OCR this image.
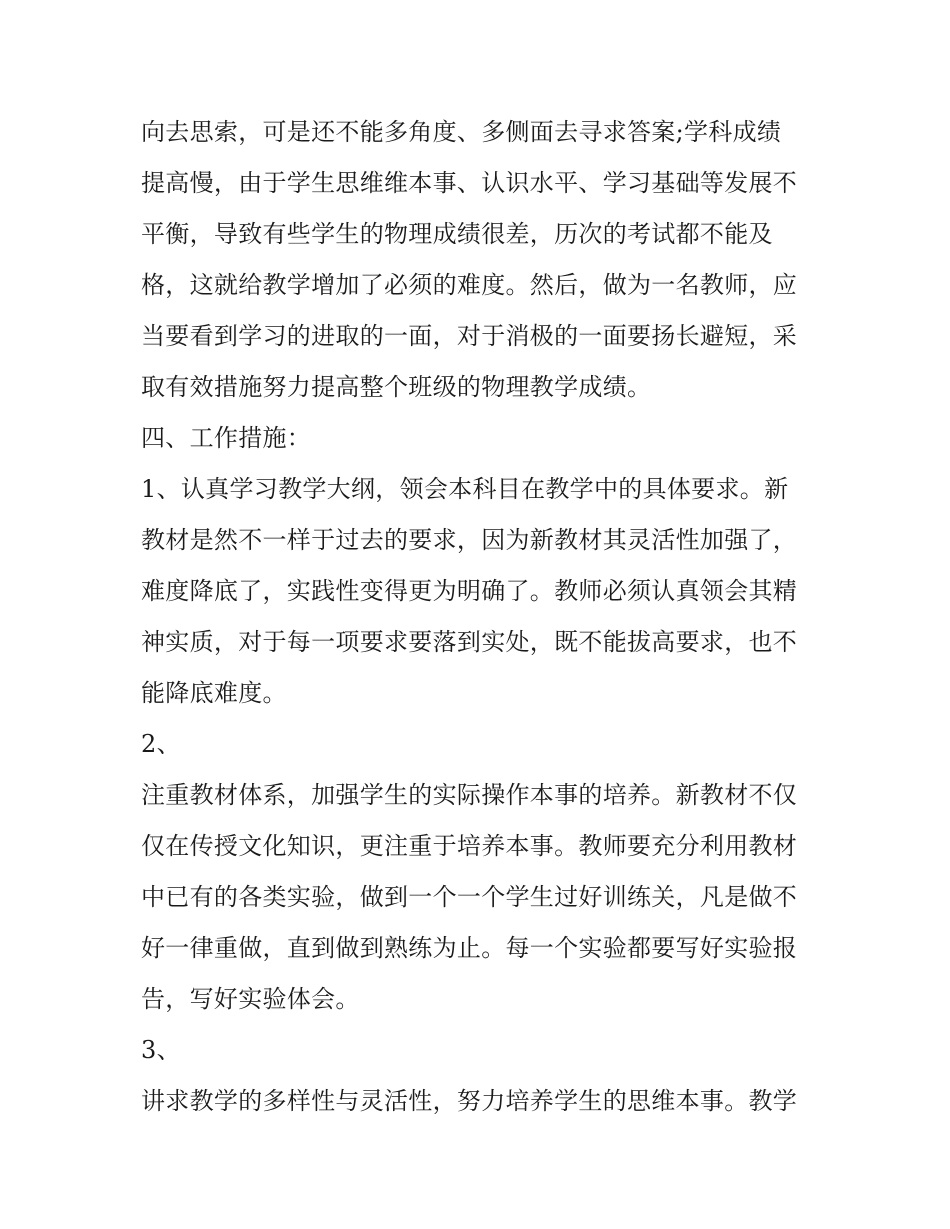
向去思索，可是还不能多角度、多侧面去寻求答案;学科成绩
提高慢，由于学生思维维本事、认识水平、学习基础等发展不
平衡，导致有些学生的物理成绩很差，历次的考试都不能及
格，这就给教学增加了必须的难度。然后，做为一名教师，应
当要看到学习的进取的一面，对于消极的一面要扬长避短，采
取有效措施努力提高整个班级的物理教学成绩。
四、工作措施：
1、认真学习教学大纲，领会本科目在教学中的具体要求。新
教材是然不一样于过去的要求，因为新教材其灵活性加强了，
难度降底了，实践性变得更为明确了。教师必须认真领会其精
神实质，对于每一项要求要落到实处，既不能拔高要求，也不
能降底难度。
2、
注重教材体系，加强学生的实际操作本事的培养。新教材不仅
仅在传授文化知识，更注重于培养本事。教师要充分利用教材
中已有的各类实验，做到一个一个学生过好训练关，凡是做不
好一律重做，直到做到熟练为止。每一个实验都要写好实验报
告，写好实验体会。
3、
讲求教学的多样性与灵活性，努力培养学生的思维本事。教学
